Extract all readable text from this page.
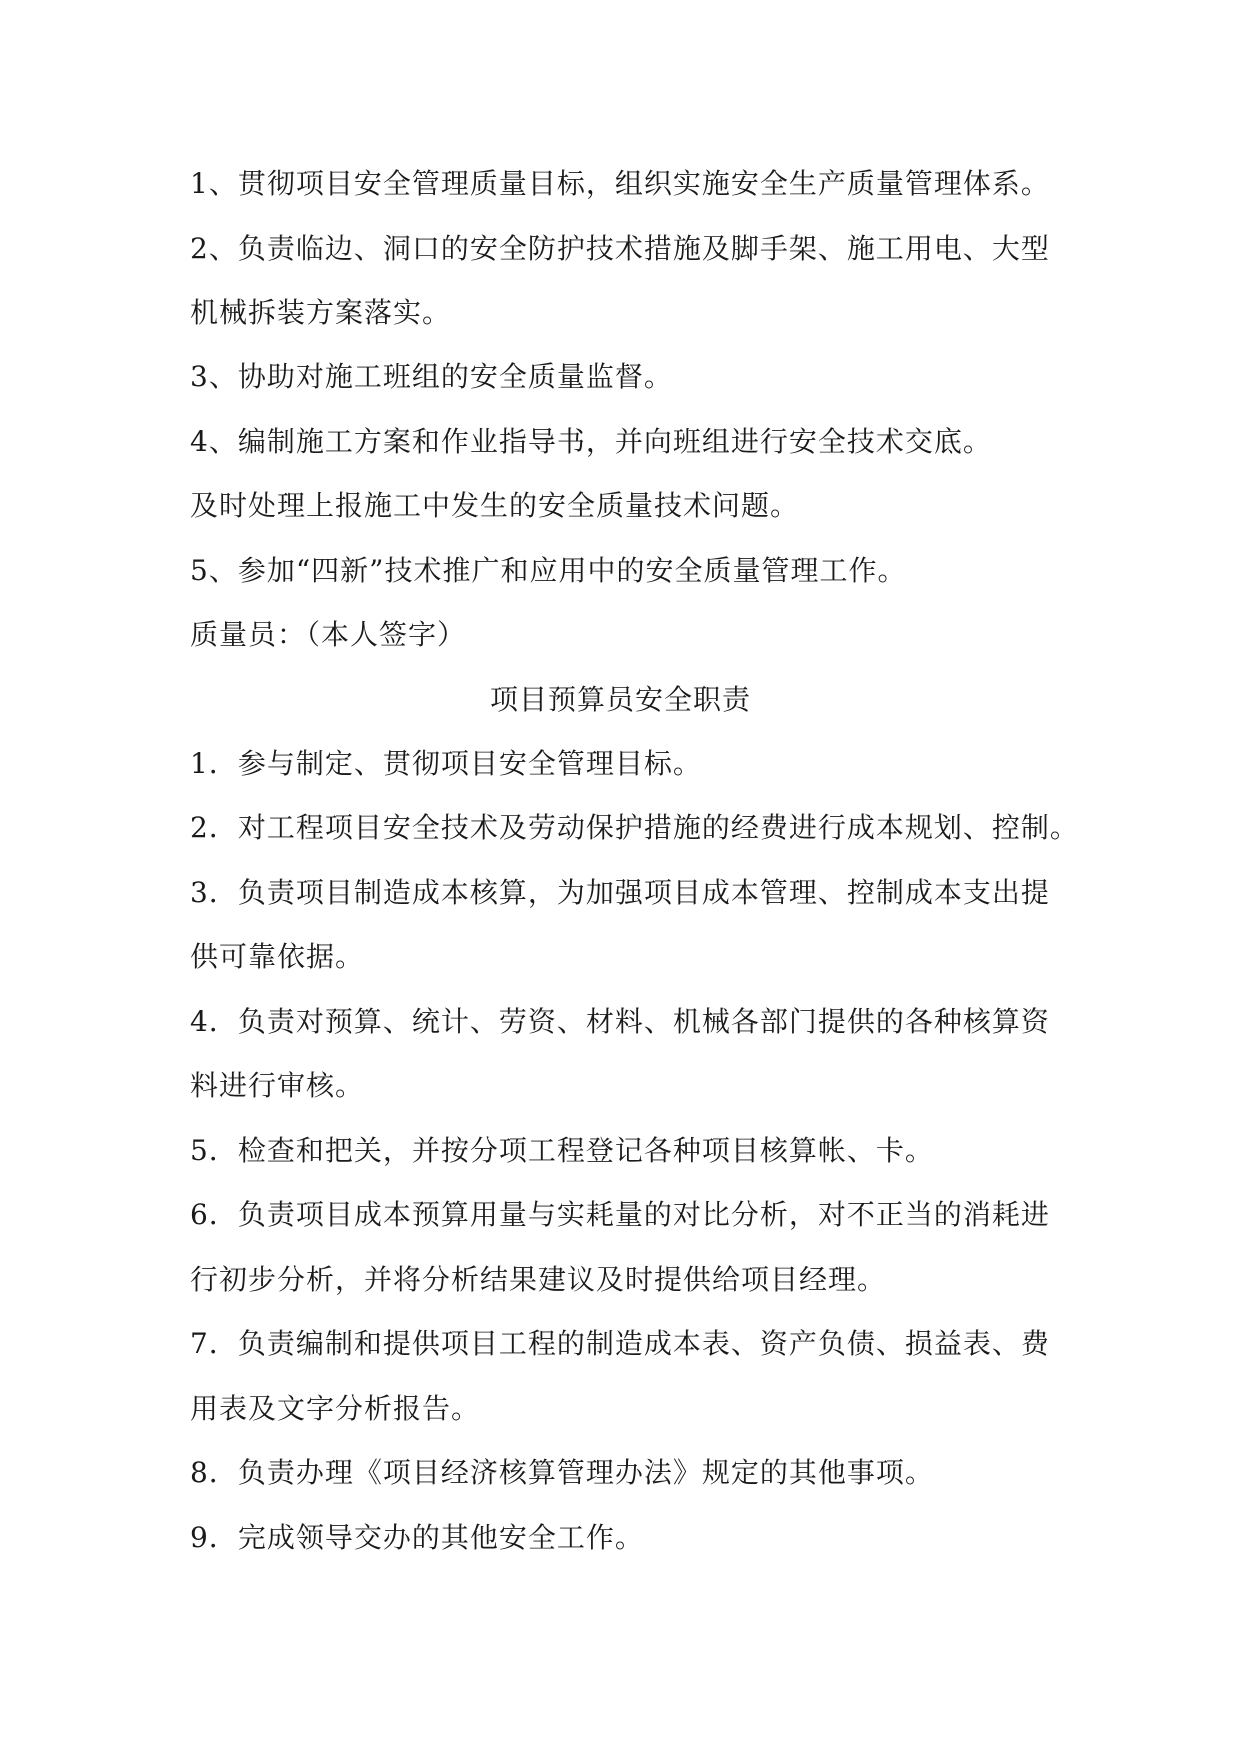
1、贯彻项目安全管理质量目标，组织实施安全生产质量管理体系。
2、负责临边、洞口的安全防护技术措施及脚手架、施工用电、大型
机械拆装方案落实。
3、协助对施工班组的安全质量监督。
4、编制施工方案和作业指导书，并向班组进行安全技术交底。
及时处理上报施工中发生的安全质量技术问题。
5、参加“四新”技术推广和应用中的安全质量管理工作。
质量员：（本人签字）
项目预算员安全职责
1．参与制定、贯彻项目安全管理目标。
2．对工程项目安全技术及劳动保护措施的经费进行成本规划、控制。
3．负责项目制造成本核算，为加强项目成本管理、控制成本支出提
供可靠依据。
4．负责对预算、统计、劳资、材料、机械各部门提供的各种核算资
料进行审核。
5．检查和把关，并按分项工程登记各种项目核算帐、卡。
6．负责项目成本预算用量与实耗量的对比分析，对不正当的消耗进
行初步分析，并将分析结果建议及时提供给项目经理。
7．负责编制和提供项目工程的制造成本表、资产负债、损益表、费
用表及文字分析报告。
8．负责办理《项目经济核算管理办法》规定的其他事项。
9．完成领导交办的其他安全工作。
